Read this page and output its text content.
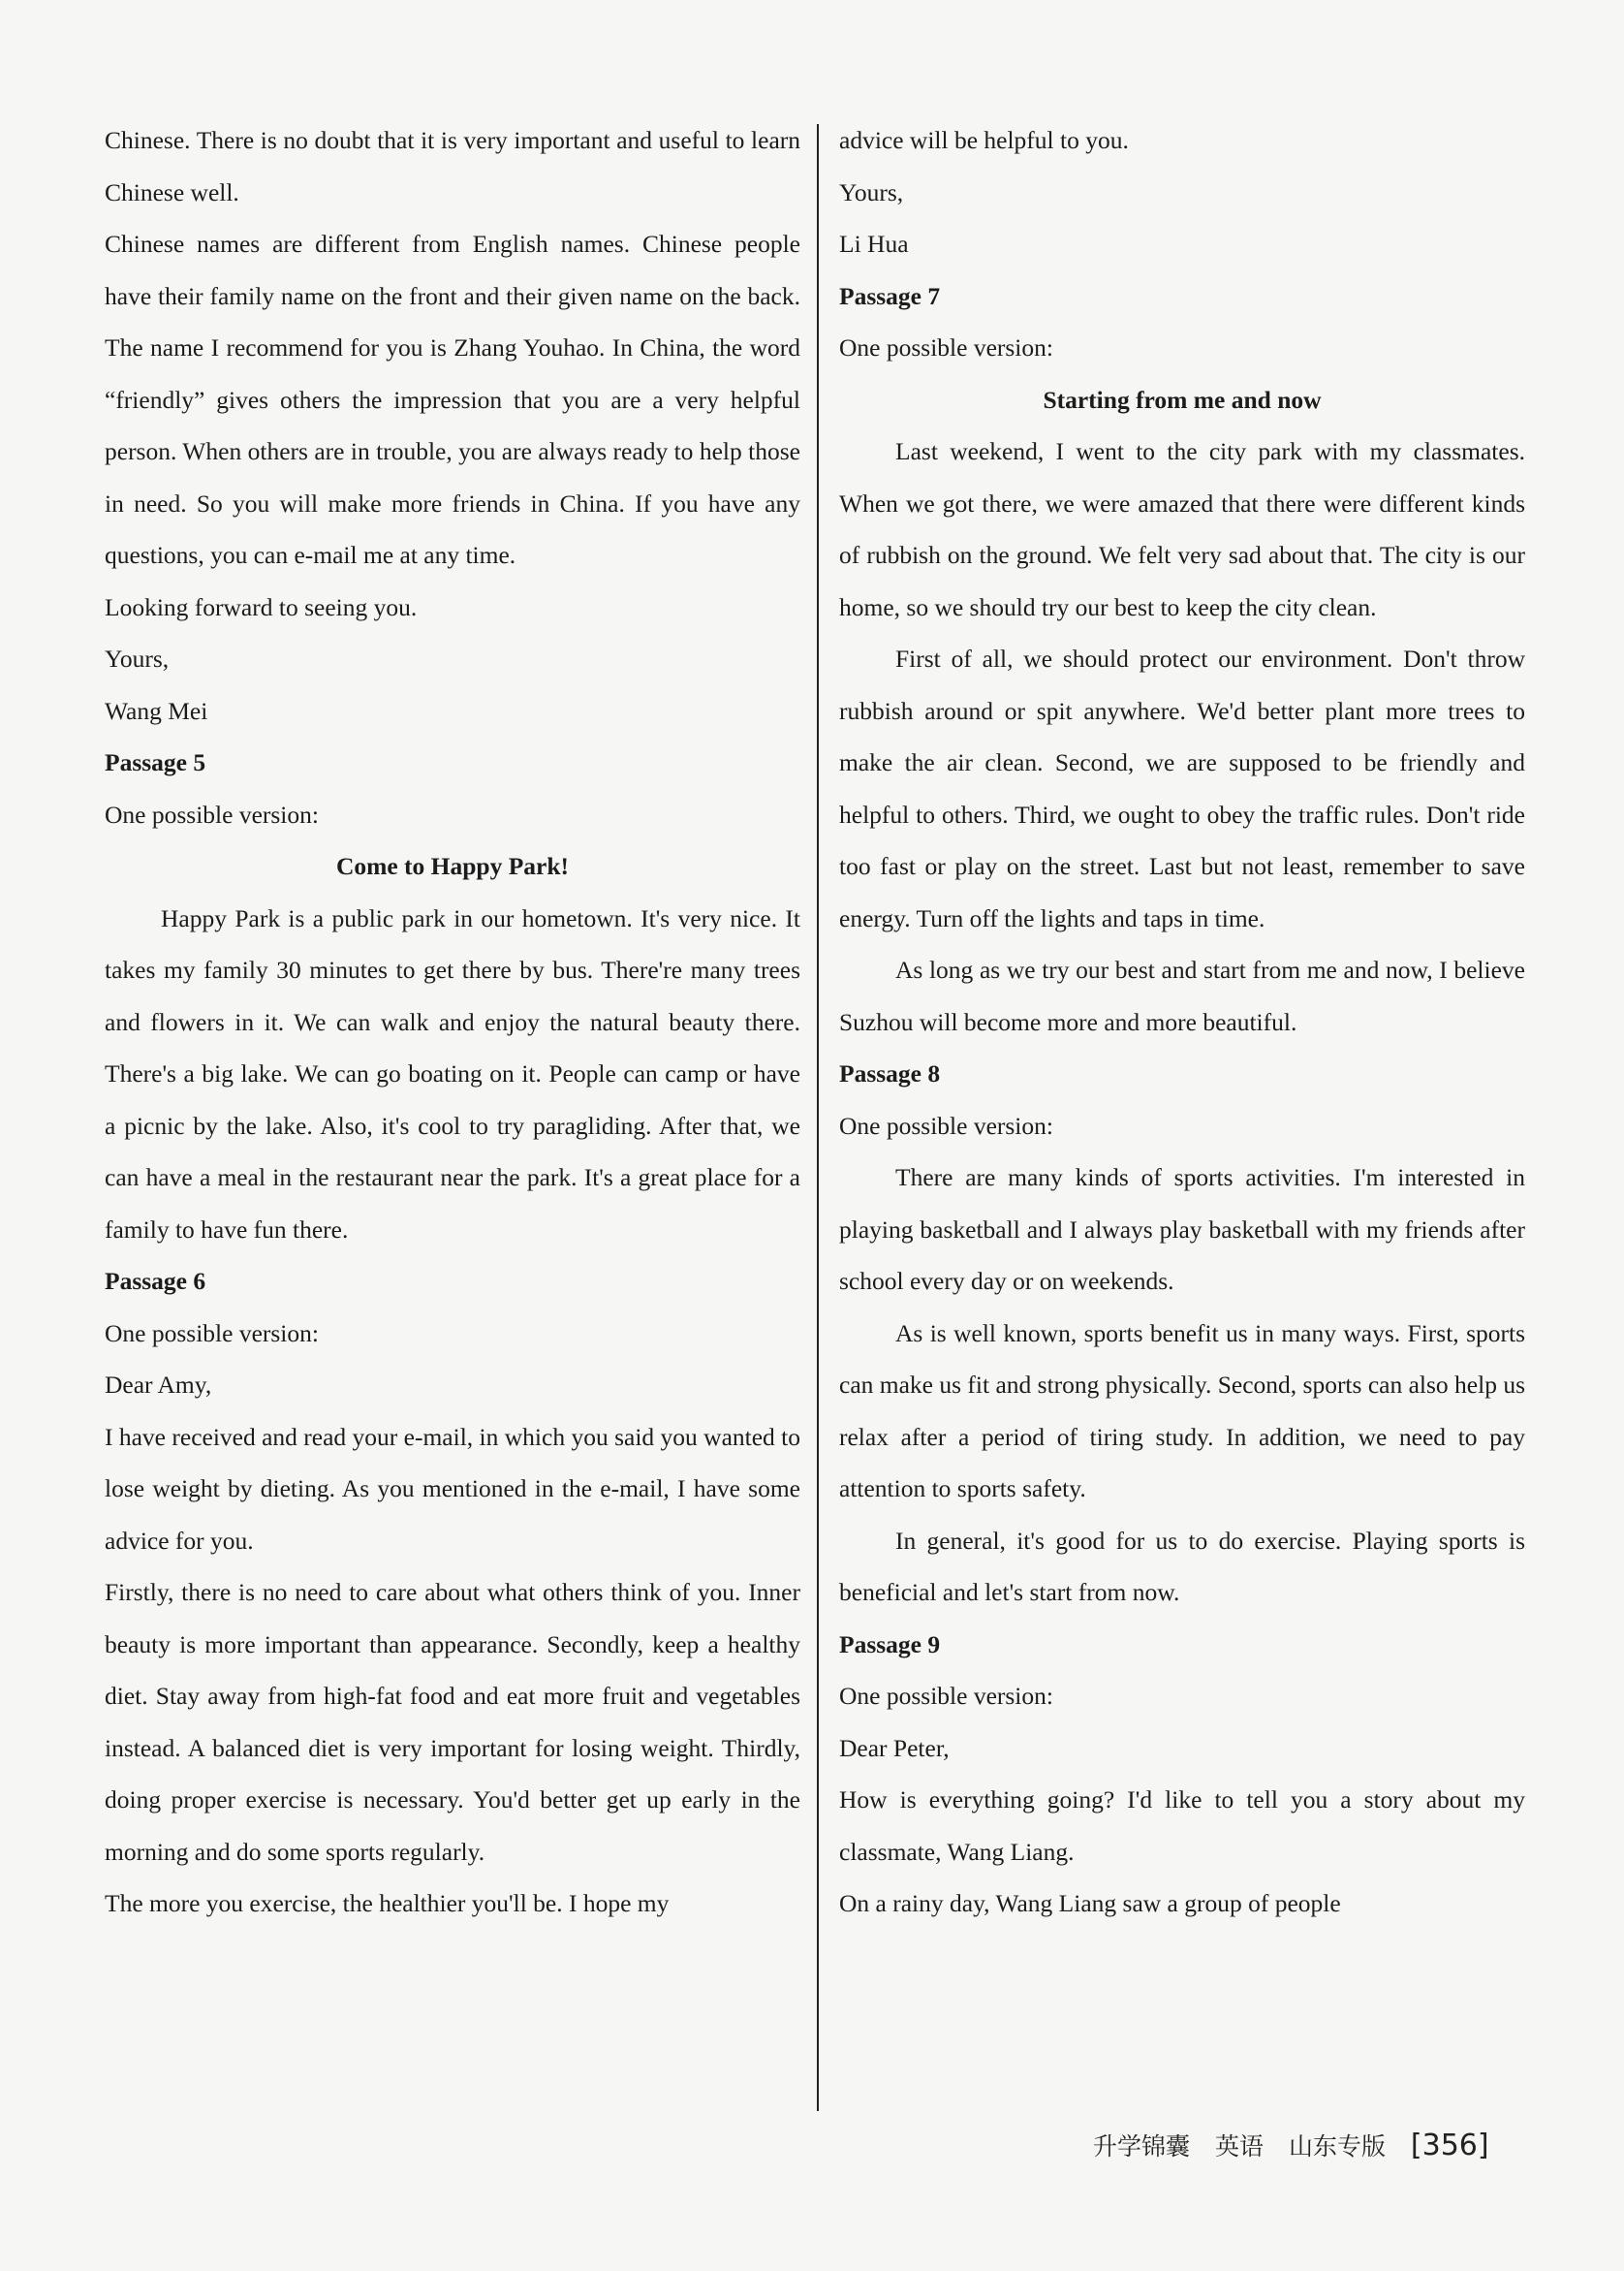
Chinese. There is no doubt that it is very important and useful to learn Chinese well.

Chinese names are different from English names. Chinese people have their family name on the front and their given name on the back. The name I recommend for you is Zhang Youhao. In China, the word “friendly” gives others the impression that you are a very helpful person. When others are in trouble, you are always ready to help those in need. So you will make more friends in China. If you have any questions, you can e-mail me at any time.

Looking forward to seeing you.

Yours,

Wang Mei

Passage 5

One possible version:

Come to Happy Park!

Happy Park is a public park in our hometown. It's very nice. It takes my family 30 minutes to get there by bus. There're many trees and flowers in it. We can walk and enjoy the natural beauty there. There's a big lake. We can go boating on it. People can camp or have a picnic by the lake. Also, it's cool to try paragliding. After that, we can have a meal in the restaurant near the park. It's a great place for a family to have fun there.

Passage 6

One possible version:

Dear Amy,

I have received and read your e-mail, in which you said you wanted to lose weight by dieting. As you mentioned in the e-mail, I have some advice for you.

Firstly, there is no need to care about what others think of you. Inner beauty is more important than appearance. Secondly, keep a healthy diet. Stay away from high-fat food and eat more fruit and vegetables instead. A balanced diet is very important for losing weight. Thirdly, doing proper exercise is necessary. You'd better get up early in the morning and do some sports regularly.

The more you exercise, the healthier you'll be. I hope my

advice will be helpful to you.

Yours,

Li Hua

Passage 7

One possible version:

Starting from me and now

Last weekend, I went to the city park with my classmates. When we got there, we were amazed that there were different kinds of rubbish on the ground. We felt very sad about that. The city is our home, so we should try our best to keep the city clean.

First of all, we should protect our environment. Don't throw rubbish around or spit anywhere. We'd better plant more trees to make the air clean. Second, we are supposed to be friendly and helpful to others. Third, we ought to obey the traffic rules. Don't ride too fast or play on the street. Last but not least, remember to save energy. Turn off the lights and taps in time.

As long as we try our best and start from me and now, I believe Suzhou will become more and more beautiful.

Passage 8

One possible version:

There are many kinds of sports activities. I'm interested in playing basketball and I always play basketball with my friends after school every day or on weekends.

As is well known, sports benefit us in many ways. First, sports can make us fit and strong physically. Second, sports can also help us relax after a period of tiring study. In addition, we need to pay attention to sports safety.

In general, it's good for us to do exercise. Playing sports is beneficial and let's start from now.

Passage 9

One possible version:

Dear Peter,

How is everything going? I'd like to tell you a story about my classmate, Wang Liang.

On a rainy day, Wang Liang saw a group of people

升学锦囊 英语 山东专版 [356]
